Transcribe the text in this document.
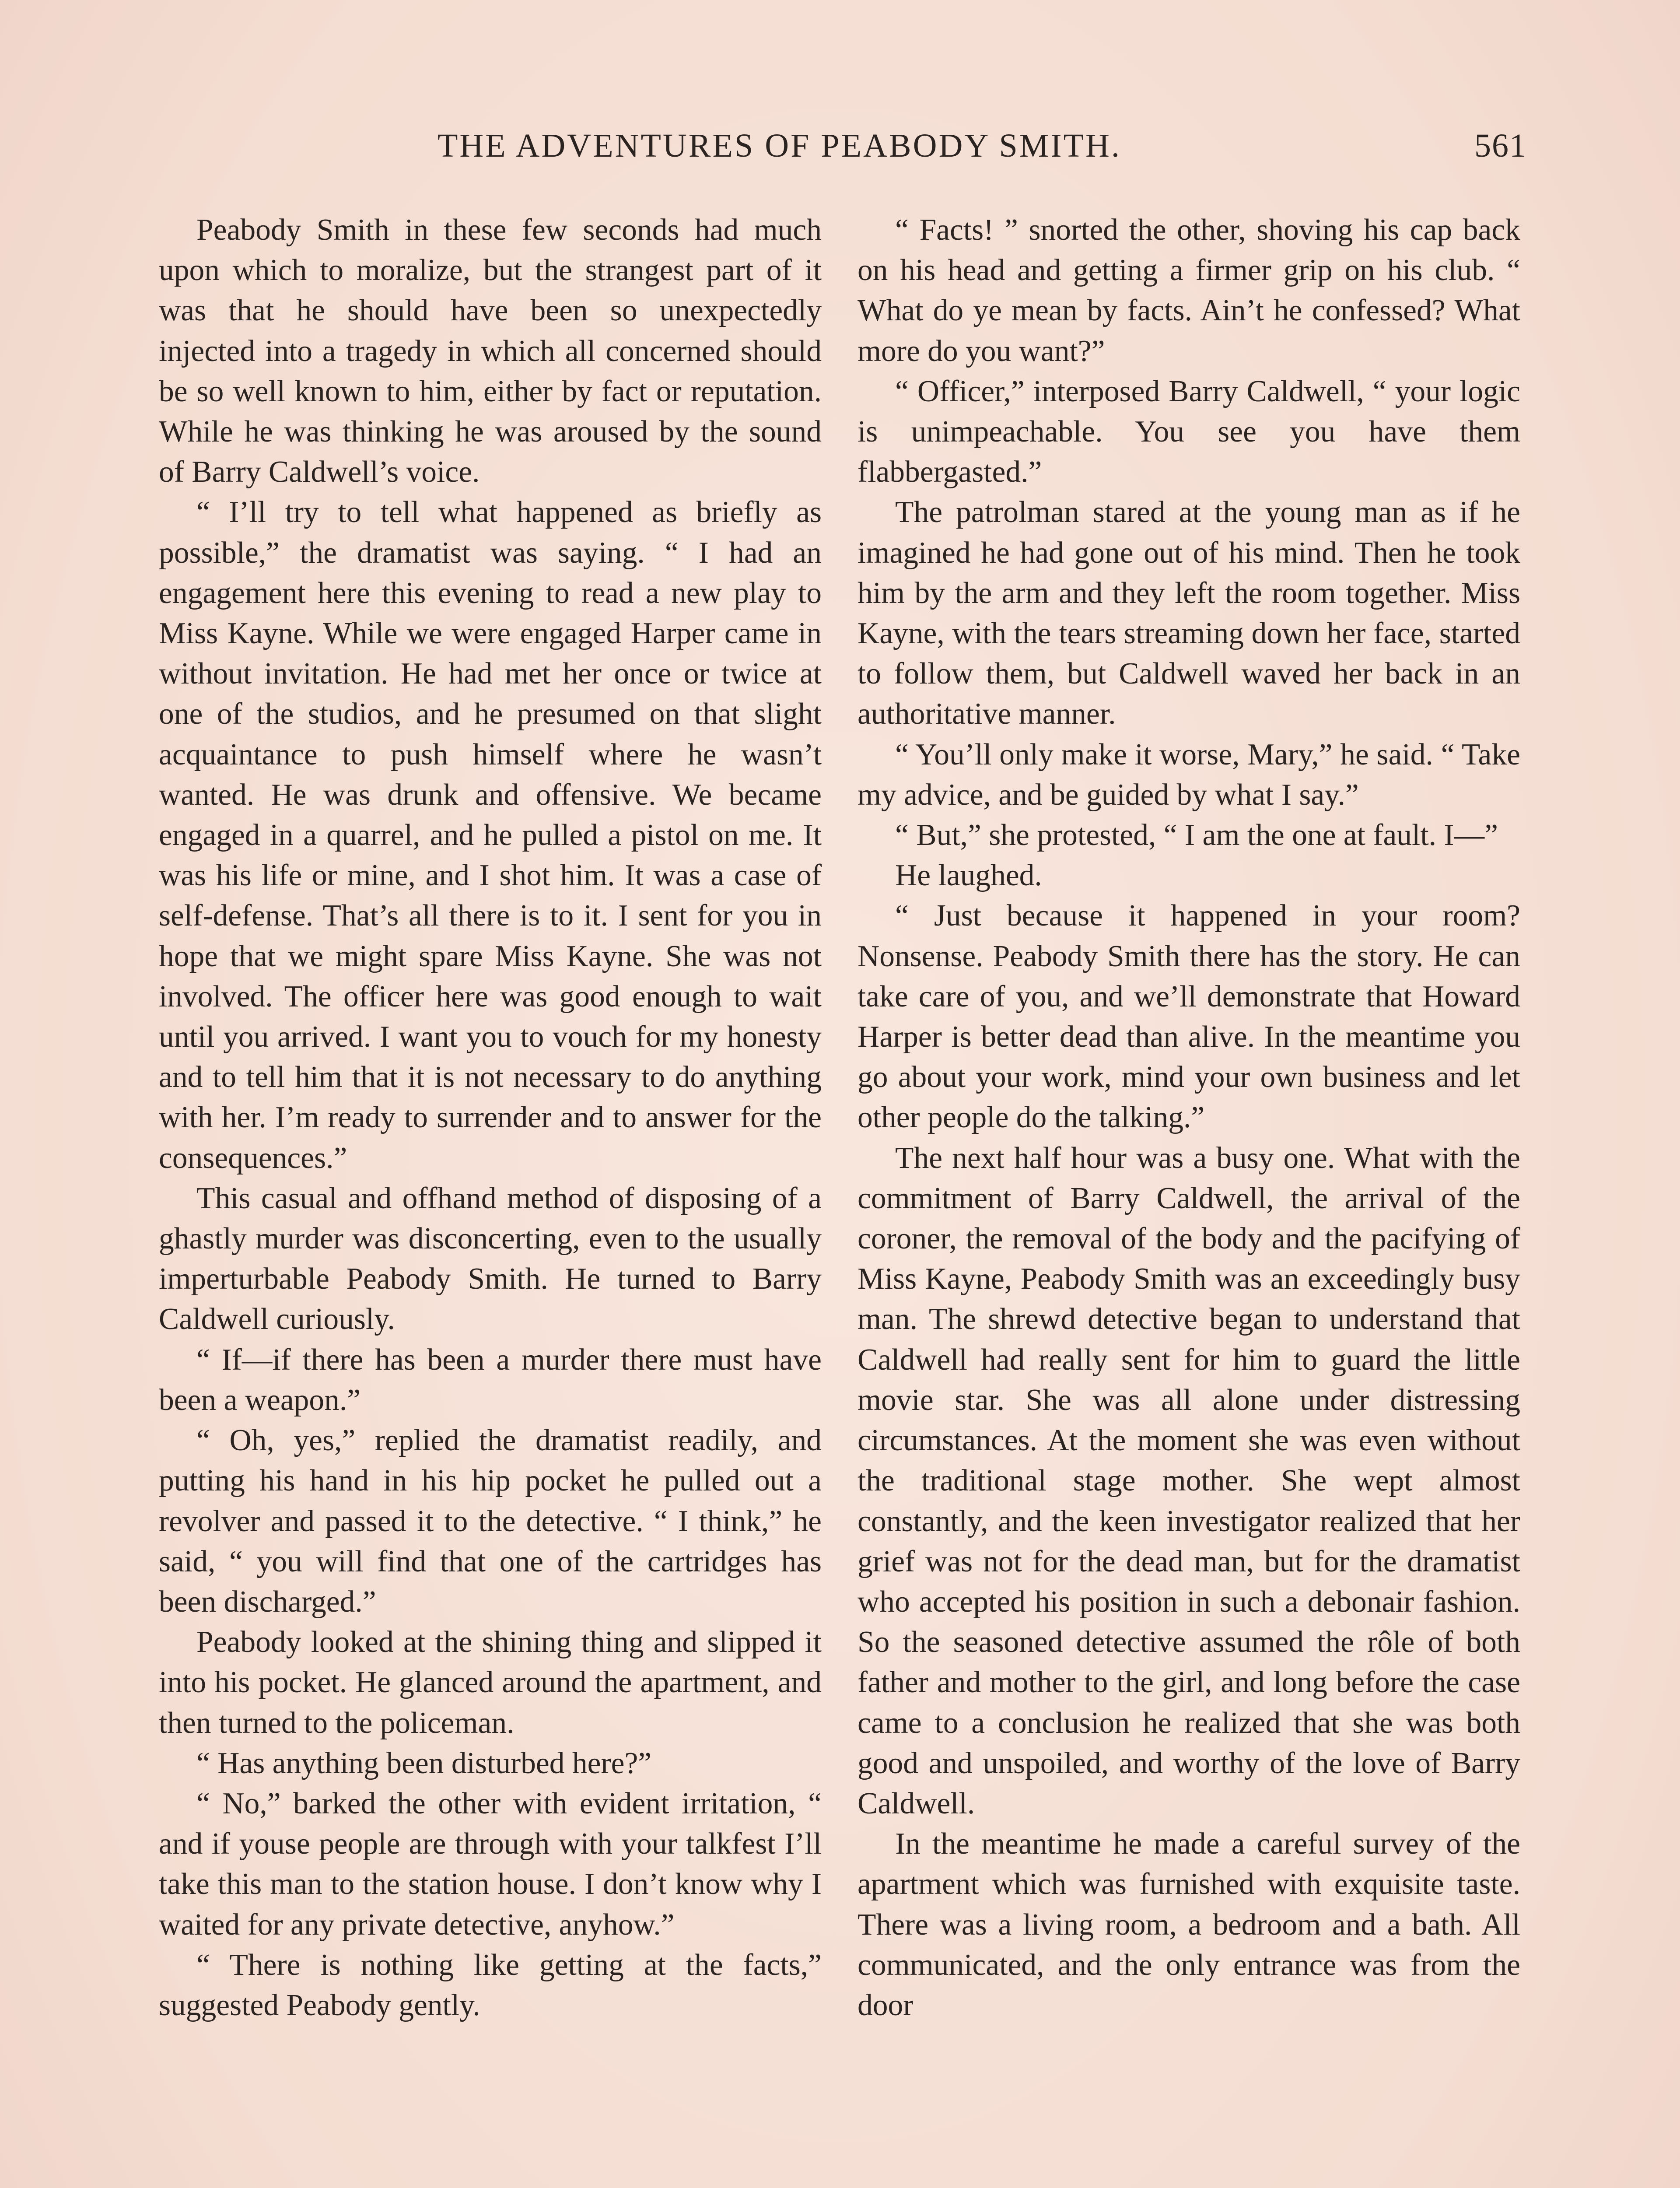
THE ADVENTURES OF PEABODY SMITH.	561

Peabody Smith in these few seconds had much upon which to moralize, but the strangest part of it was that he should have been so unexpectedly injected into a tragedy in which all concerned should be so well known to him, either by fact or reputation. While he was thinking he was aroused by the sound of Barry Caldwell’s voice.

“ I’ll try to tell what happened as briefly as possible,” the dramatist was saying. “ I had an engagement here this evening to read a new play to Miss Kayne. While we were engaged Harper came in without invitation. He had met her once or twice at one of the studios, and he presumed on that slight acquaintance to push himself where he wasn’t wanted. He was drunk and offensive. We became engaged in a quarrel, and he pulled a pistol on me. It was his life or mine, and I shot him. It was a case of self-defense. That’s all there is to it. I sent for you in hope that we might spare Miss Kayne. She was not involved. The officer here was good enough to wait until you arrived. I want you to vouch for my honesty and to tell him that it is not necessary to do anything with her. I’m ready to surrender and to answer for the consequences.”

This casual and offhand method of disposing of a ghastly murder was disconcerting, even to the usually imperturbable Peabody Smith. He turned to Barry Caldwell curiously.

“ If—if there has been a murder there must have been a weapon.”

“ Oh, yes,” replied the dramatist readily, and putting his hand in his hip pocket he pulled out a revolver and passed it to the detective. “ I think,” he said, “ you will find that one of the cartridges has been discharged.”

Peabody looked at the shining thing and slipped it into his pocket. He glanced around the apartment, and then turned to the policeman.

“ Has anything been disturbed here?”

“ No,” barked the other with evident irritation, “ and if youse people are through with your talkfest I’ll take this man to the station house. I don’t know why I waited for any private detective, anyhow.”

“ There is nothing like getting at the facts,” suggested Peabody gently.

“ Facts! ” snorted the other, shoving his cap back on his head and getting a firmer grip on his club. “ What do ye mean by facts. Ain’t he confessed? What more do you want?”

“ Officer,” interposed Barry Caldwell, “ your logic is unimpeachable. You see you have them flabbergasted.”

The patrolman stared at the young man as if he imagined he had gone out of his mind. Then he took him by the arm and they left the room together. Miss Kayne, with the tears streaming down her face, started to follow them, but Caldwell waved her back in an authoritative manner.

“ You’ll only make it worse, Mary,” he said. “ Take my advice, and be guided by what I say.”

“ But,” she protested, “ I am the one at fault. I—”

He laughed.

“ Just because it happened in your room? Nonsense. Peabody Smith there has the story. He can take care of you, and we’ll demonstrate that Howard Harper is better dead than alive. In the meantime you go about your work, mind your own business and let other people do the talking.”

The next half hour was a busy one. What with the commitment of Barry Caldwell, the arrival of the coroner, the removal of the body and the pacifying of Miss Kayne, Peabody Smith was an exceedingly busy man. The shrewd detective began to understand that Caldwell had really sent for him to guard the little movie star. She was all alone under distressing circumstances. At the moment she was even without the traditional stage mother. She wept almost constantly, and the keen investigator realized that her grief was not for the dead man, but for the dramatist who accepted his position in such a debonair fashion. So the seasoned detective assumed the rôle of both father and mother to the girl, and long before the case came to a conclusion he realized that she was both good and unspoiled, and worthy of the love of Barry Caldwell.

In the meantime he made a careful survey of the apartment which was furnished with exquisite taste. There was a living room, a bedroom and a bath. All communicated, and the only entrance was from the door
